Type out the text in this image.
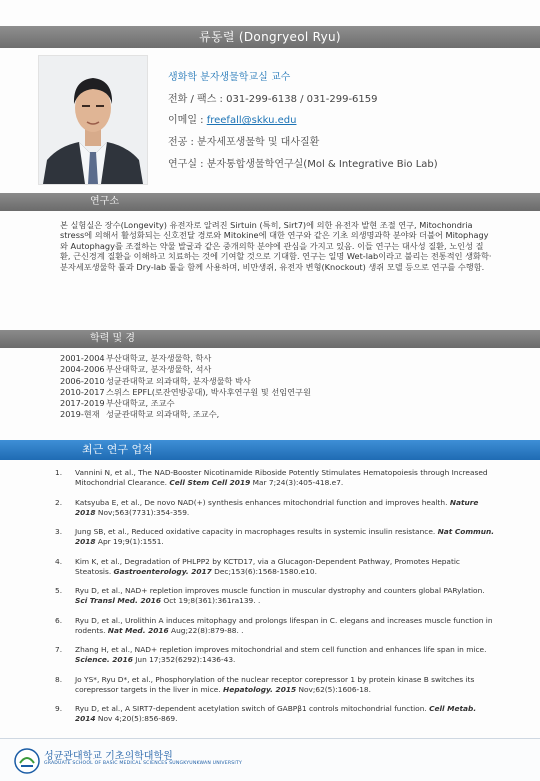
류동렬 (Dongryeol Ryu)
생화학 분자생물학교실 교수
전화 / 팩스 : 031-299-6138 / 031-299-6159
이메일 : freefall@skku.edu
전공 : 분자세포생물학 및 대사질환
연구실 : 분자통합생물학연구실(Mol & Integrative Bio Lab)
연구소
본 실험실은 장수(Longevity) 유전자로 알려진 Sirtuin (특히, Sirt7)에 의한 유전자 발현 조절 연구, Mitochondria stress에 의해서 활성화되는 신호전달 경로와 Mitokine에 대한 연구와 같은 기초 의생명과학 분야와 더불어 Mitophagy와 Autophagy를 조절하는 약물 발굴과 같은 중개의학 분야에 관심을 가지고 있음. 이들 연구는 대사성 질환, 노인성 질환, 근신경계 질환을 이해하고 치료하는 것에 기여할 것으로 기대함. 연구는 일명 Wet-lab이라고 불리는 전통적인 생화학·분자세포생물학 툴과 Dry-lab 툴을 함께 사용하며, 비만생쥐, 유전자 변형(Knockout) 생쥐 모델 등으로 연구를 수행함.
학력 및 경
2001-2004부산대학교, 분자생물학, 학사
2004-2006부산대학교, 분자생물학, 석사
2006-2010성균관대학교 의과대학, 분자생물학 박사
2010-2017스위스 EPFL(로잔연방공대), 박사후연구원 및 선임연구원
2017-2019부산대학교, 조교수
2019-현재 성균관대학교 의과대학, 조교수,
최근 연구 업적
1. Vannini N, et al., The NAD-Booster Nicotinamide Riboside Potently Stimulates Hematopoiesis through Increased Mitochondrial Clearance. Cell Stem Cell 2019 Mar 7;24(3):405-418.e7.
2. Katsyuba E, et al., De novo NAD(+) synthesis enhances mitochondrial function and improves health. Nature 2018 Nov;563(7731):354-359.
3. Jung SB, et al., Reduced oxidative capacity in macrophages results in systemic insulin resistance. Nat Commun. 2018 Apr 19;9(1):1551.
4. Kim K, et al., Degradation of PHLPP2 by KCTD17, via a Glucagon-Dependent Pathway, Promotes Hepatic Steatosis. Gastroenterology. 2017 Dec;153(6):1568-1580.e10.
5. Ryu D, et al., NAD+ repletion improves muscle function in muscular dystrophy and counters global PARylation. Sci Transl Med. 2016 Oct 19;8(361):361ra139. .
6. Ryu D, et al., Urolithin A induces mitophagy and prolongs lifespan in C. elegans and increases muscle function in rodents. Nat Med. 2016 Aug;22(8):879-88. .
7. Zhang H, et al., NAD+ repletion improves mitochondrial and stem cell function and enhances life span in mice. Science. 2016 Jun 17;352(6292):1436-43.
8. Jo YS*, Ryu D*, et al., Phosphorylation of the nuclear receptor corepressor 1 by protein kinase B switches its corepressor targets in the liver in mice. Hepatology. 2015 Nov;62(5):1606-18.
9. Ryu D, et al., A SIRT7-dependent acetylation switch of GABPβ1 controls mitochondrial function. Cell Metab. 2014 Nov 4;20(5):856-869.
성균관대학교 기초의학대학원
GRADUATE SCHOOL OF BASIC MEDICAL SCIENCES SUNGKYUNKWAN UNIVERSITY
